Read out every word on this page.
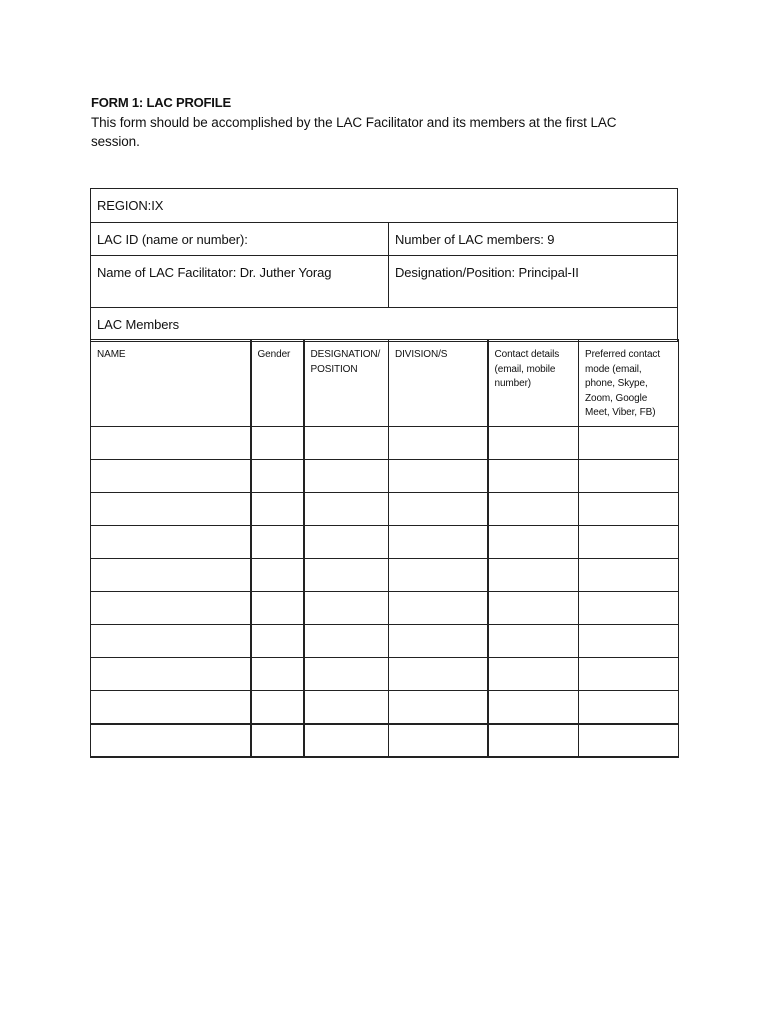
FORM 1: LAC PROFILE
This form should be accomplished by the LAC Facilitator and its members at the first LAC session.
REGION:IX
LAC ID (name or number):	Number of LAC members: 9
Name of LAC Facilitator: Dr. Juther Yorag	Designation/Position: Principal-II
LAC Members
NAME	Gender	DESIGNATION/ POSITION	DIVISION/S	Contact details (email, mobile number)	Preferred contact mode (email, phone, Skype, Zoom, Google Meet, Viber, FB)
